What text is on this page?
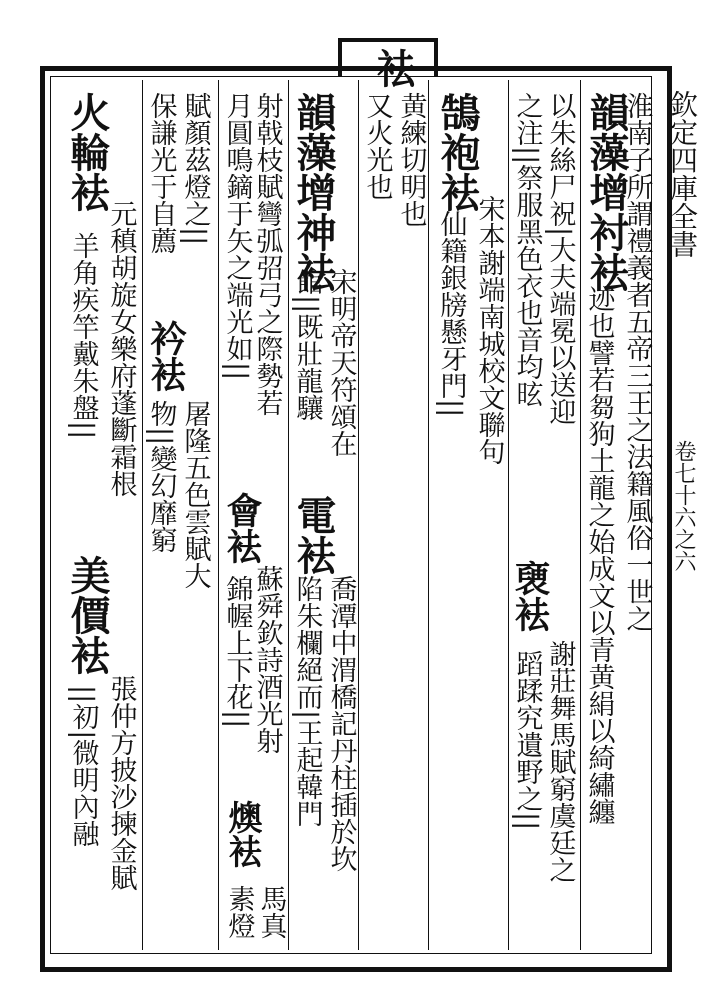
欽定四庫全書
卷七十六之六
韻藻增衬袪
淮南子所謂禮義者五帝三王之法籍風俗一世之
迹也譬若芻狗土龍之始成文以青黄絹以綺繡纏
以朱絲尸祝|大夫端冕以送迎
之注||祭服黑色衣也音均昡
褏袪
謝莊舞馬賦窮虞廷之
蹈蹂究遺野之||
鵠袍袪
宋本謝端南城校文聯句
仙籍銀牓懸牙門||
袪
黄練切明也
又火光也
韻藻增神袪
宋明帝天符頌在
館||既壯龍驤
電袪
喬潭中渭橋記丹柱插於坎
陷朱欄絕而|王起韓門
射戟枝賦彎弧弨弓之際勢若
月圓鳴鏑于矢之端光如||
會袪
蘇舜欽詩酒光射
錦幄上下花||
燠袪
馬真
素燈
賦顏茲燈之||
衿袪
屠隆五色雲賦大
保謙光于自薦
物||變幻靡窮
火輪袪
元稹胡旋女樂府蓬斷霜根
羊角疾竿戴朱盤||
美價袪
張仲方披沙揀金賦
||初|微明內融
